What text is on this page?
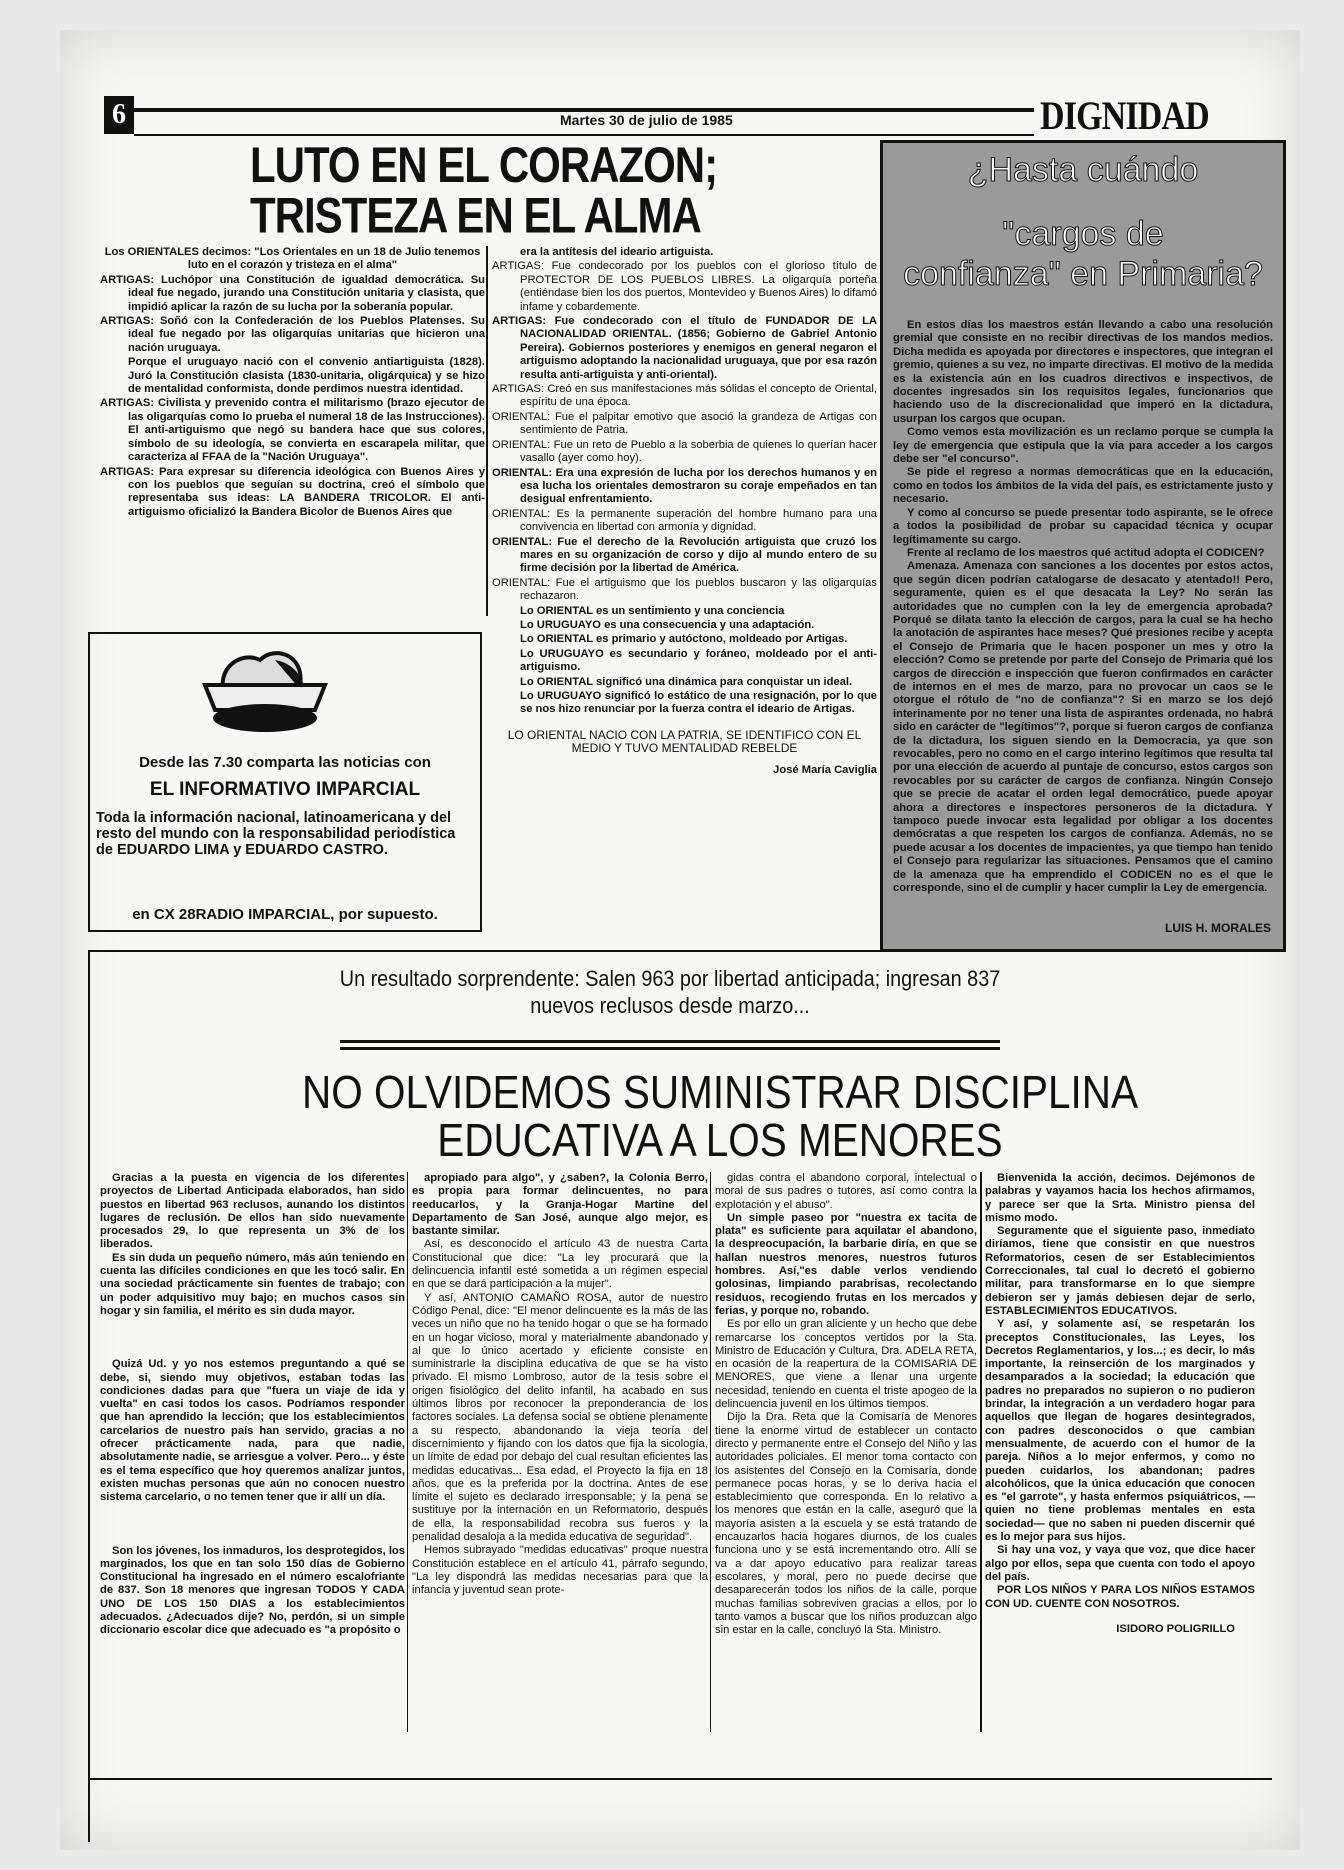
6	Martes 30 de julio de 1985	DIGNIDAD
LUTO EN EL CORAZON;
TRISTEZA EN EL ALMA

Los ORIENTALES decimos: "Los Orientales en un 18 de Julio tenemos luto en el corazón y tristeza en el alma"

ARTIGAS: Luchópor una Constitución de igualdad democrática. Su ideal fue negado, jurando una Constitución unitaria y clasista, que impidió aplicar la razón de su lucha por la soberanía popular.

ARTIGAS: Soñó con la Confederación de los Pueblos Platenses. Su ideal fue negado por las oligarquías unitarias que hicieron una nación uruguaya.

Porque el uruguayo nació con el convenio antiartiguista (1828). Juró la Constitución clasista (1830-unitaria, oligárquica) y se hizo de mentalidad conformista, donde perdimos nuestra identidad.

ARTIGAS: Civilista y prevenido contra el militarismo (brazo ejecutor de las oligarquías como lo prueba el numeral 18 de las Instrucciones). El anti-artiguismo que negó su bandera hace que sus colores, símbolo de su ideología, se convierta en escarapela militar, que caracteriza al FFAA de la "Nación Uruguaya".

ARTIGAS: Para expresar su diferencia ideológica con Buenos Aires y con los pueblos que seguían su doctrina, creó el símbolo que representaba sus ideas: LA BANDERA TRICOLOR. El anti-artiguismo oficializó la Bandera Bicolor de Buenos Aires que

era la antítesis del ideario artiguista.

ARTIGAS: Fue condecorado por los pueblos con el glorioso título de PROTECTOR DE LOS PUEBLOS LIBRES. La oligarquía porteña (entiéndase bien los dos puertos, Montevideo y Buenos Aires) lo difamó infame y cobardemente.

ARTIGAS: Fue condecorado con el título de FUNDADOR DE LA NACIONALIDAD ORIENTAL. (1856; Gobierno de Gabriel Antonio Pereira). Gobiernos posteriores y enemigos en general negaron el artiguismo adoptando la nacionalidad uruguaya, que por esa razón resulta anti-artiguista y anti-oriental).

ARTIGAS: Creó en sus manifestaciones más sólidas el concepto de Oriental, espíritu de una época.

ORIENTAL: Fue el palpitar emotivo que asoció la grandeza de Artigas con sentimiento de Patria.

ORIENTAL: Fue un reto de Pueblo a la soberbia de quienes lo querían hacer vasallo (ayer como hoy).

ORIENTAL: Era una expresión de lucha por los derechos humanos y en esa lucha los orientales demostraron su coraje empeñados en tan desigual enfrentamiento.

ORIENTAL: Es la permanente superación del hombre humano para una convivencia en libertad con armonía y dignidad.

ORIENTAL: Fue el derecho de la Revolución artiguista que cruzó los mares en su organización de corso y dijo al mundo entero de su firme decisión por la libertad de América.

ORIENTAL: Fue el artiguismo que los pueblos buscaron y las oligarquías rechazaron.

Lo ORIENTAL es un sentimiento y una conciencia

Lo URUGUAYO es una consecuencia y una adaptación.

Lo ORIENTAL es primario y autóctono, moldeado por Artigas.

Lo URUGUAYO es secundario y foráneo, moldeado por el anti-artiguismo.

Lo ORIENTAL significó una dinámica para conquistar un ideal.

Lo URUGUAYO significó lo estático de una resignación, por lo que se nos hizo renunciar por la fuerza contra el ideario de Artigas.

LO ORIENTAL NACIO CON LA PATRIA, SE IDENTIFICO CON EL MEDIO Y TUVO MENTALIDAD REBELDE

José María Caviglia

Desde las 7.30 comparta las noticias con
EL INFORMATIVO IMPARCIAL
Toda la información nacional, latinoamericana y del resto del mundo con la responsabilidad periodística de EDUARDO LIMA y EDUARDO CASTRO.
en CX 28RADIO IMPARCIAL, por supuesto.
¿Hasta cuándo
"cargos de
confianza" en Primaria?

En estos días los maestros están llevando a cabo una resolución gremial que consiste en no recibir directivas de los mandos medios. Dicha medida es apoyada por directores e inspectores, que integran el gremio, quienes a su vez, no imparte directivas. El motivo de la medida es la existencia aún en los cuadros directivos e inspectivos, de docentes ingresados sin los requisitos legales, funcionarios que haciendo uso de la discrecionalidad que imperó en la dictadura, usurpan los cargos que ocupan.

Como vemos esta movilización es un reclamo porque se cumpla la ley de emergencia que estipula que la vía para acceder a los cargos debe ser "el concurso".

Se pide el regreso a normas democráticas que en la educación, como en todos los ámbitos de la vida del país, es estrictamente justo y necesario.

Y como al concurso se puede presentar todo aspirante, se le ofrece a todos la posibilidad de probar su capacidad técnica y ocupar legítimamente su cargo.

Frente al reclamo de los maestros qué actitud adopta el CODICEN?

Amenaza. Amenaza con sanciones a los docentes por estos actos, que según dicen podrían catalogarse de desacato y atentado!! Pero, seguramente, quien es el que desacata la Ley? No serán las autoridades que no cumplen con la ley de emergencia aprobada? Porqué se dilata tanto la elección de cargos, para la cual se ha hecho la anotación de aspirantes hace meses? Qué presiones recibe y acepta el Consejo de Primaria que le hacen posponer un mes y otro la elección? Como se pretende por parte del Consejo de Primaria qué los cargos de dirección e inspección que fueron confirmados en carácter de internos en el mes de marzo, para no provocar un caos se le otorgue el rótulo de "no de confianza"? Si en marzo se los dejó interinamente por no tener una lista de aspirantes ordenada, no habrá sido en carácter de "legítimos"?, porque si fueron cargos de confianza de la dictadura, los siguen siendo en la Democracia, ya que son revocables, pero no como en el cargo interino legítimos que resulta tal por una elección de acuerdo al puntaje de concurso, estos cargos son revocables por su carácter de cargos de confianza. Ningún Consejo que se precie de acatar el orden legal democrático, puede apoyar ahora a directores e inspectores personeros de la dictadura. Y tampoco puede invocar esta legalidad por obligar a los docentes demócratas a que respeten los cargos de confianza. Además, no se puede acusar a los docentes de impacientes, ya que tiempo han tenido el Consejo para regularizar las situaciones. Pensamos que el camino de la amenaza que ha emprendido el CODICEN no es el que le corresponde, sino el de cumplir y hacer cumplir la Ley de emergencia.

LUIS H. MORALES
Un resultado sorprendente: Salen 963 por libertad anticipada; ingresan 837 nuevos reclusos desde marzo...
NO OLVIDEMOS SUMINISTRAR DISCIPLINA
EDUCATIVA A LOS MENORES

Gracias a la puesta en vigencia de los diferentes proyectos de Libertad Anticipada elaborados, han sido puestos en libertad 963 reclusos, aunando los distintos lugares de reclusión. De ellos han sido nuevamente procesados 29, lo que representa un 3% de los liberados.

Es sin duda un pequeño número, más aún teniendo en cuenta las difíciles condiciones en que les tocó salir. En una sociedad prácticamente sin fuentes de trabajo; con un poder adquisitivo muy bajo; en muchos casos sin hogar y sin familia, el mérito es sin duda mayor.

Quizá Ud. y yo nos estemos preguntando a qué se debe, si, siendo muy objetivos, estaban todas las condiciones dadas para que "fuera un viaje de ida y vuelta" en casi todos los casos. Podríamos responder que han aprendido la lección; que los establecimientos carcelarios de nuestro país han servido, gracias a no ofrecer prácticamente nada, para que nadie, absolutamente nadie, se arriesgue a volver. Pero... y éste es el tema específico que hoy queremos analizar juntos, existen muchas personas que aún no conocen nuestro sistema carcelario, o no temen tener que ir allí un día.

Son los jóvenes, los inmaduros, los desprotegidos, los marginados, los que en tan solo 150 días de Gobierno Constitucional ha ingresado en el número escalofriante de 837. Son 18 menores que ingresan TODOS Y CADA UNO DE LOS 150 DIAS a los establecimientos adecuados. ¿Adecuados dije? No, perdón, si un simple diccionario escolar dice que adecuado es "a propósito o

apropiado para algo", y ¿saben?, la Colonia Berro, es propia para formar delincuentes, no para reeducarlos, y la Granja-Hogar Martine del Departamento de San José, aunque algo mejor, es bastante similar.

Así, es desconocido el artículo 43 de nuestra Carta Constitucional que dice: "La ley procurará que la delincuencia infantil esté sometida a un régimen especial en que se dará participación a la mujer".

Y así, ANTONIO CAMAÑO ROSA, autor de nuestro Código Penal, dice: "El menor delincuente es la más de las veces un niño que no ha tenido hogar o que se ha formado en un hogar vicioso, moral y materialmente abandonado y al que lo único acertado y eficiente consiste en suministrarle la disciplina educativa de que se ha visto privado. El mismo Lombroso, autor de la tesis sobre el origen fisiológico del delito infantil, ha acabado en sus últimos libros por reconocer la preponderancia de los factores sociales. La defensa social se obtiene plenamente a su respecto, abandonando la vieja teoría del discernimiento y fijando con los datos que fija la sicología, un límite de edad por debajo del cual resultan eficientes las medidas educativas... Esa edad, el Proyecto la fija en 18 años, que es la preferida por la doctrina. Antes de ese límite el sujeto es declarado irresponsable; y la pena se sustituye por la internación en un Reformatorio, después de ella, la responsabilidad recobra sus fueros y la penalidad desaloja a la medida educativa de seguridad".

Hemos subrayado "medidas educativas" proque nuestra Constitución establece en el artículo 41, párrafo segundo, "La ley dispondrá las medidas necesarias para que la infancia y juventud sean prote-

gidas contra el abandono corporal, intelectual o moral de sus padres o tutores, así como contra la explotación y el abuso".

Un simple paseo por "nuestra ex tacita de plata" es suficiente para aquilatar el abandono, la despreocupación, la barbarie diría, en que se hallan nuestros menores, nuestros futuros hombres. Así,"es dable verlos vendiendo golosinas, limpiando parabrisas, recolectando residuos, recogiendo frutas en los mercados y ferias, y porque no, robando.

Es por ello un gran aliciente y un hecho que debe remarcarse los conceptos vertidos por la Sta. Ministro de Educación y Cultura, Dra. ADELA RETA, en ocasión de la reapertura de la COMISARIA DE MENORES, que viene a llenar una urgente necesidad, teniendo en cuenta el triste apogeo de la delincuencia juvenil en los últimos tiempos.

Dijo la Dra. Reta que la Comisaría de Menores tiene la enorme virtud de establecer un contacto directo y permanente entre el Consejo del Niño y las autoridades policiales. El menor toma contacto con los asistentes del Consejo en la Comisaría, donde permanece pocas horas, y se lo deriva hacia el establecimiento que corresponda. En lo relativo a los menores que están en la calle, aseguró que la mayoría asisten a la escuela y se está tratando de encauzarlos hacia hogares diurnos, de los cuales funciona uno y se está incrementando otro. Allí se va a dar apoyo educativo para realizar tareas escolares, y moral, pero no puede decirse que desaparecerán todos los niños de la calle, porque muchas familias sobreviven gracias a ellos, por lo tanto vamos a buscar que los niños produzcan algo sin estar en la calle, concluyó la Sta. Ministro.

Bienvenida la acción, decimos. Dejémonos de palabras y vayamos hacia los hechos afirmamos, y parece ser que la Srta. Ministro piensa del mismo modo.

Seguramente que el siguiente paso, inmediato diríamos, tiene que consistir en que nuestros Reformatorios, cesen de ser Establecimientos Correccionales, tal cual lo decretó el gobierno militar, para transformarse en lo que siempre debieron ser y jamás debiesen dejar de serlo, ESTABLECIMIENTOS EDUCATIVOS.

Y así, y solamente así, se respetarán los preceptos Constitucionales, las Leyes, los Decretos Reglamentarios, y los...; es decir, lo más importante, la reinserción de los marginados y desamparados a la sociedad; la educación que padres no preparados no supieron o no pudieron brindar, la integración a un verdadero hogar para aquellos que llegan de hogares desintegrados, con padres desconocidos o que cambian mensualmente, de acuerdo con el humor de la pareja. Niños a lo mejor enfermos, y como no pueden cuidarlos, los abandonan; padres alcohólicos, que la única educación que conocen es "el garrote", y hasta enfermos psiquiátricos, —quien no tiene problemas mentales en esta sociedad— que no saben ni pueden discernir qué es lo mejor para sus hijos.

Si hay una voz, y vaya que voz, que dice hacer algo por ellos, sepa que cuenta con todo el apoyo del país.

POR LOS NIÑOS Y PARA LOS NIÑOS ESTAMOS CON UD. CUENTE CON NOSOTROS.

ISIDORO POLIGRILLO
